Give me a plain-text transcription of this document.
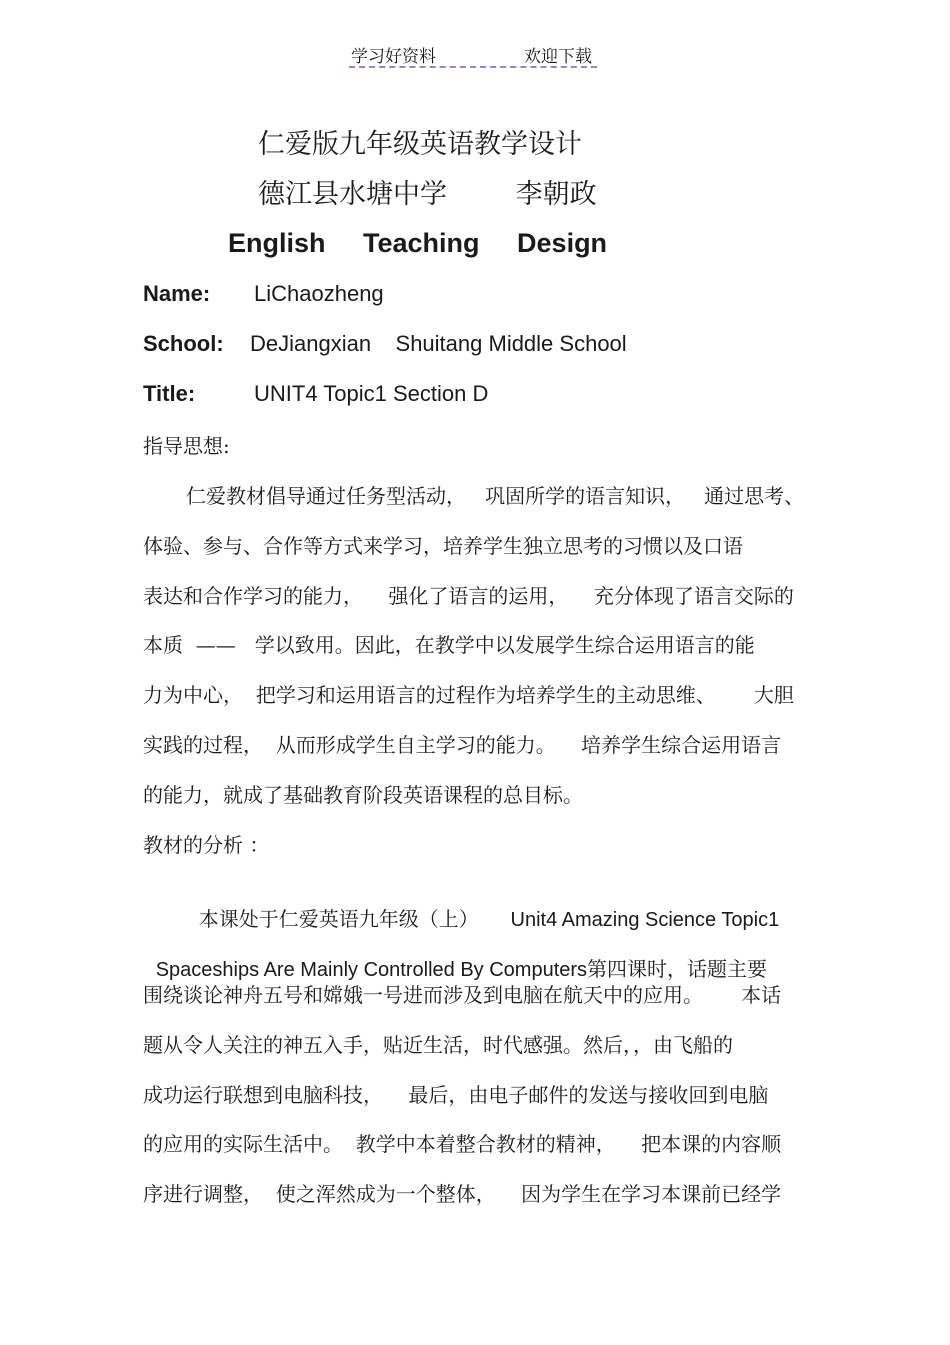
学习好资料	欢迎下载
仁爱版九年级英语教学设计
德江县水塘中学        李朝政
English     Teaching     Design
Name: LiChaozheng
School: DeJiangxian    Shuitang Middle School
Title:	UNIT4 Topic1 Section D
指导思想:
仁爱教材倡导通过任务型活动，   巩固所学的语言知识，   通过思考、
体验、参与、合作等方式来学习，培养学生独立思考的习惯以及口语
表达和合作学习的能力，    强化了语言的运用，    充分体现了语言交际的
本质  ——   学以致用。因此，在教学中以发展学生综合运用语言的能
力为中心，  把学习和运用语言的过程作为培养学生的主动思维、      大胆
实践的过程，  从而形成学生自主学习的能力。    培养学生综合运用语言
的能力，就成了基础教育阶段英语课程的总目标。
教材的分析 ：

本课处于仁爱英语九年级（上）     Unit4 Amazing Science Topic1

Spaceships Are Mainly Controlled By Computers第四课时，话题主要

围绕谈论神舟五号和嫦娥一号进而涉及到电脑在航天中的应用。      本话
题从令人关注的神五入手，贴近生活，时代感强。然后，，由飞船的
成功运行联想到电脑科技，    最后，由电子邮件的发送与接收回到电脑
的应用的实际生活中。  教学中本着整合教材的精神，    把本课的内容顺
序进行调整，  使之浑然成为一个整体，    因为学生在学习本课前已经学
